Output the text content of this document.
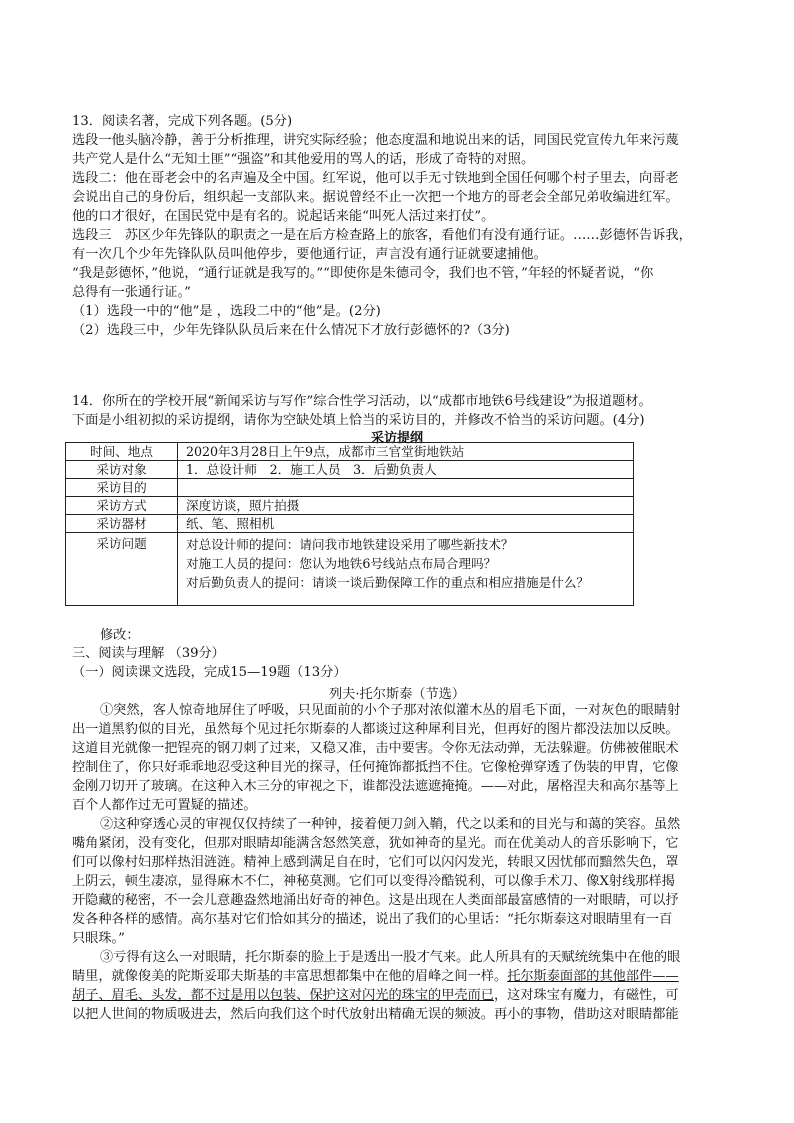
13．阅读名著，完成下列各题。(5分)
选段一他头脑冷静，善于分析推理，讲究实际经验；他态度温和地说出来的话，同国民党宣传九年来污蔑
共产党人是什么“无知土匪”“强盗”和其他爱用的骂人的话，形成了奇特的对照。
选段二：他在哥老会中的名声遍及全中国。红军说，他可以手无寸铁地到全国任何哪个村子里去，向哥老
会说出自己的身份后，组织起一支部队来。据说曾经不止一次把一个地方的哥老会全部兄弟收编进红军。
他的口才很好，在国民党中是有名的。说起话来能“叫死人活过来打仗”。
选段三　苏区少年先锋队的职责之一是在后方检查路上的旅客，看他们有没有通行证。……彭德怀告诉我，
有一次几个少年先锋队队员叫他停步，要他通行证，声言没有通行证就要逮捕他。
“我是彭德怀，”他说，“通行证就是我写的。”“即使你是朱德司令，我们也不管，”年轻的怀疑者说，“你
总得有一张通行证。”
（1）选段一中的“他”是 ，选段二中的“他”是。(2分)
（2）选段三中，少年先锋队队员后来在什么情况下才放行彭德怀的?（3分)
14．你所在的学校开展“新闻采访与写作”综合性学习活动，以“成都市地铁6号线建设”为报道题材。
下面是小组初拟的采访提纲，请你为空缺处填上恰当的采访目的，并修改不恰当的采访问题。(4分)
采访提纲
时间、地点	2020年3月28日上午9点，成都市三官堂街地铁站
采访对象	1．总设计师　2．施工人员　3．后勤负责人
采访目的	
采访方式	深度访谈，照片拍摄
采访器材	纸、笔、照相机
采访问题	对总设计师的提问：请问我市地铁建设采用了哪些新技术？
对施工人员的提问：您认为地铁6号线站点布局合理吗？
对后勤负责人的提问：请谈一谈后勤保障工作的重点和相应措施是什么？
修改：
三、阅读与理解 （39分）
（一）阅读课文选段，完成15—19题（13分）
列夫·托尔斯泰（节选）
①突然，客人惊奇地屏住了呼吸，只见面前的小个子那对浓似灌木丛的眉毛下面，一对灰色的眼睛射
出一道黑豹似的目光，虽然每个见过托尔斯泰的人都谈过这种犀利目光，但再好的图片都没法加以反映。
这道目光就像一把锃亮的钢刀刺了过来，又稳又准，击中要害。令你无法动弹，无法躲避。仿佛被催眠术
控制住了，你只好乖乖地忍受这种目光的探寻，任何掩饰都抵挡不住。它像枪弹穿透了伪装的甲胄，它像
金刚刀切开了玻璃。在这种入木三分的审视之下，谁都没法遮遮掩掩。——对此，屠格涅夫和高尔基等上
百个人都作过无可置疑的描述。
②这种穿透心灵的审视仅仅持续了一种钟，接着便刀剑入鞘，代之以柔和的目光与和蔼的笑容。虽然
嘴角紧闭，没有变化，但那对眼睛却能满含怒然笑意，犹如神奇的星光。而在优美动人的音乐影响下，它
们可以像村妇那样热泪涟涟。精神上感到满足自在时，它们可以闪闪发光，转眼又因忧郁而黯然失色，罩
上阴云，顿生凄凉，显得麻木不仁，神秘莫测。它们可以变得冷酷锐利，可以像手术刀、像X射线那样揭
开隐藏的秘密，不一会儿意趣盎然地涌出好奇的神色。这是出现在人类面部最富感情的一对眼睛，可以抒
发各种各样的感情。高尔基对它们恰如其分的描述，说出了我们的心里话：“托尔斯泰这对眼睛里有一百
只眼珠。”
③亏得有这么一对眼睛，托尔斯泰的脸上于是透出一股才气来。此人所具有的天赋统统集中在他的眼
睛里，就像俊美的陀斯妥耶夫斯基的丰富思想都集中在他的眉峰之间一样。托尔斯泰面部的其他部件——
胡子、眉毛、头发，都不过是用以包装、保护这对闪光的珠宝的甲壳而已，这对珠宝有魔力，有磁性，可
以把人世间的物质吸进去，然后向我们这个时代放射出精确无误的频波。再小的事物，借助这对眼睛都能
